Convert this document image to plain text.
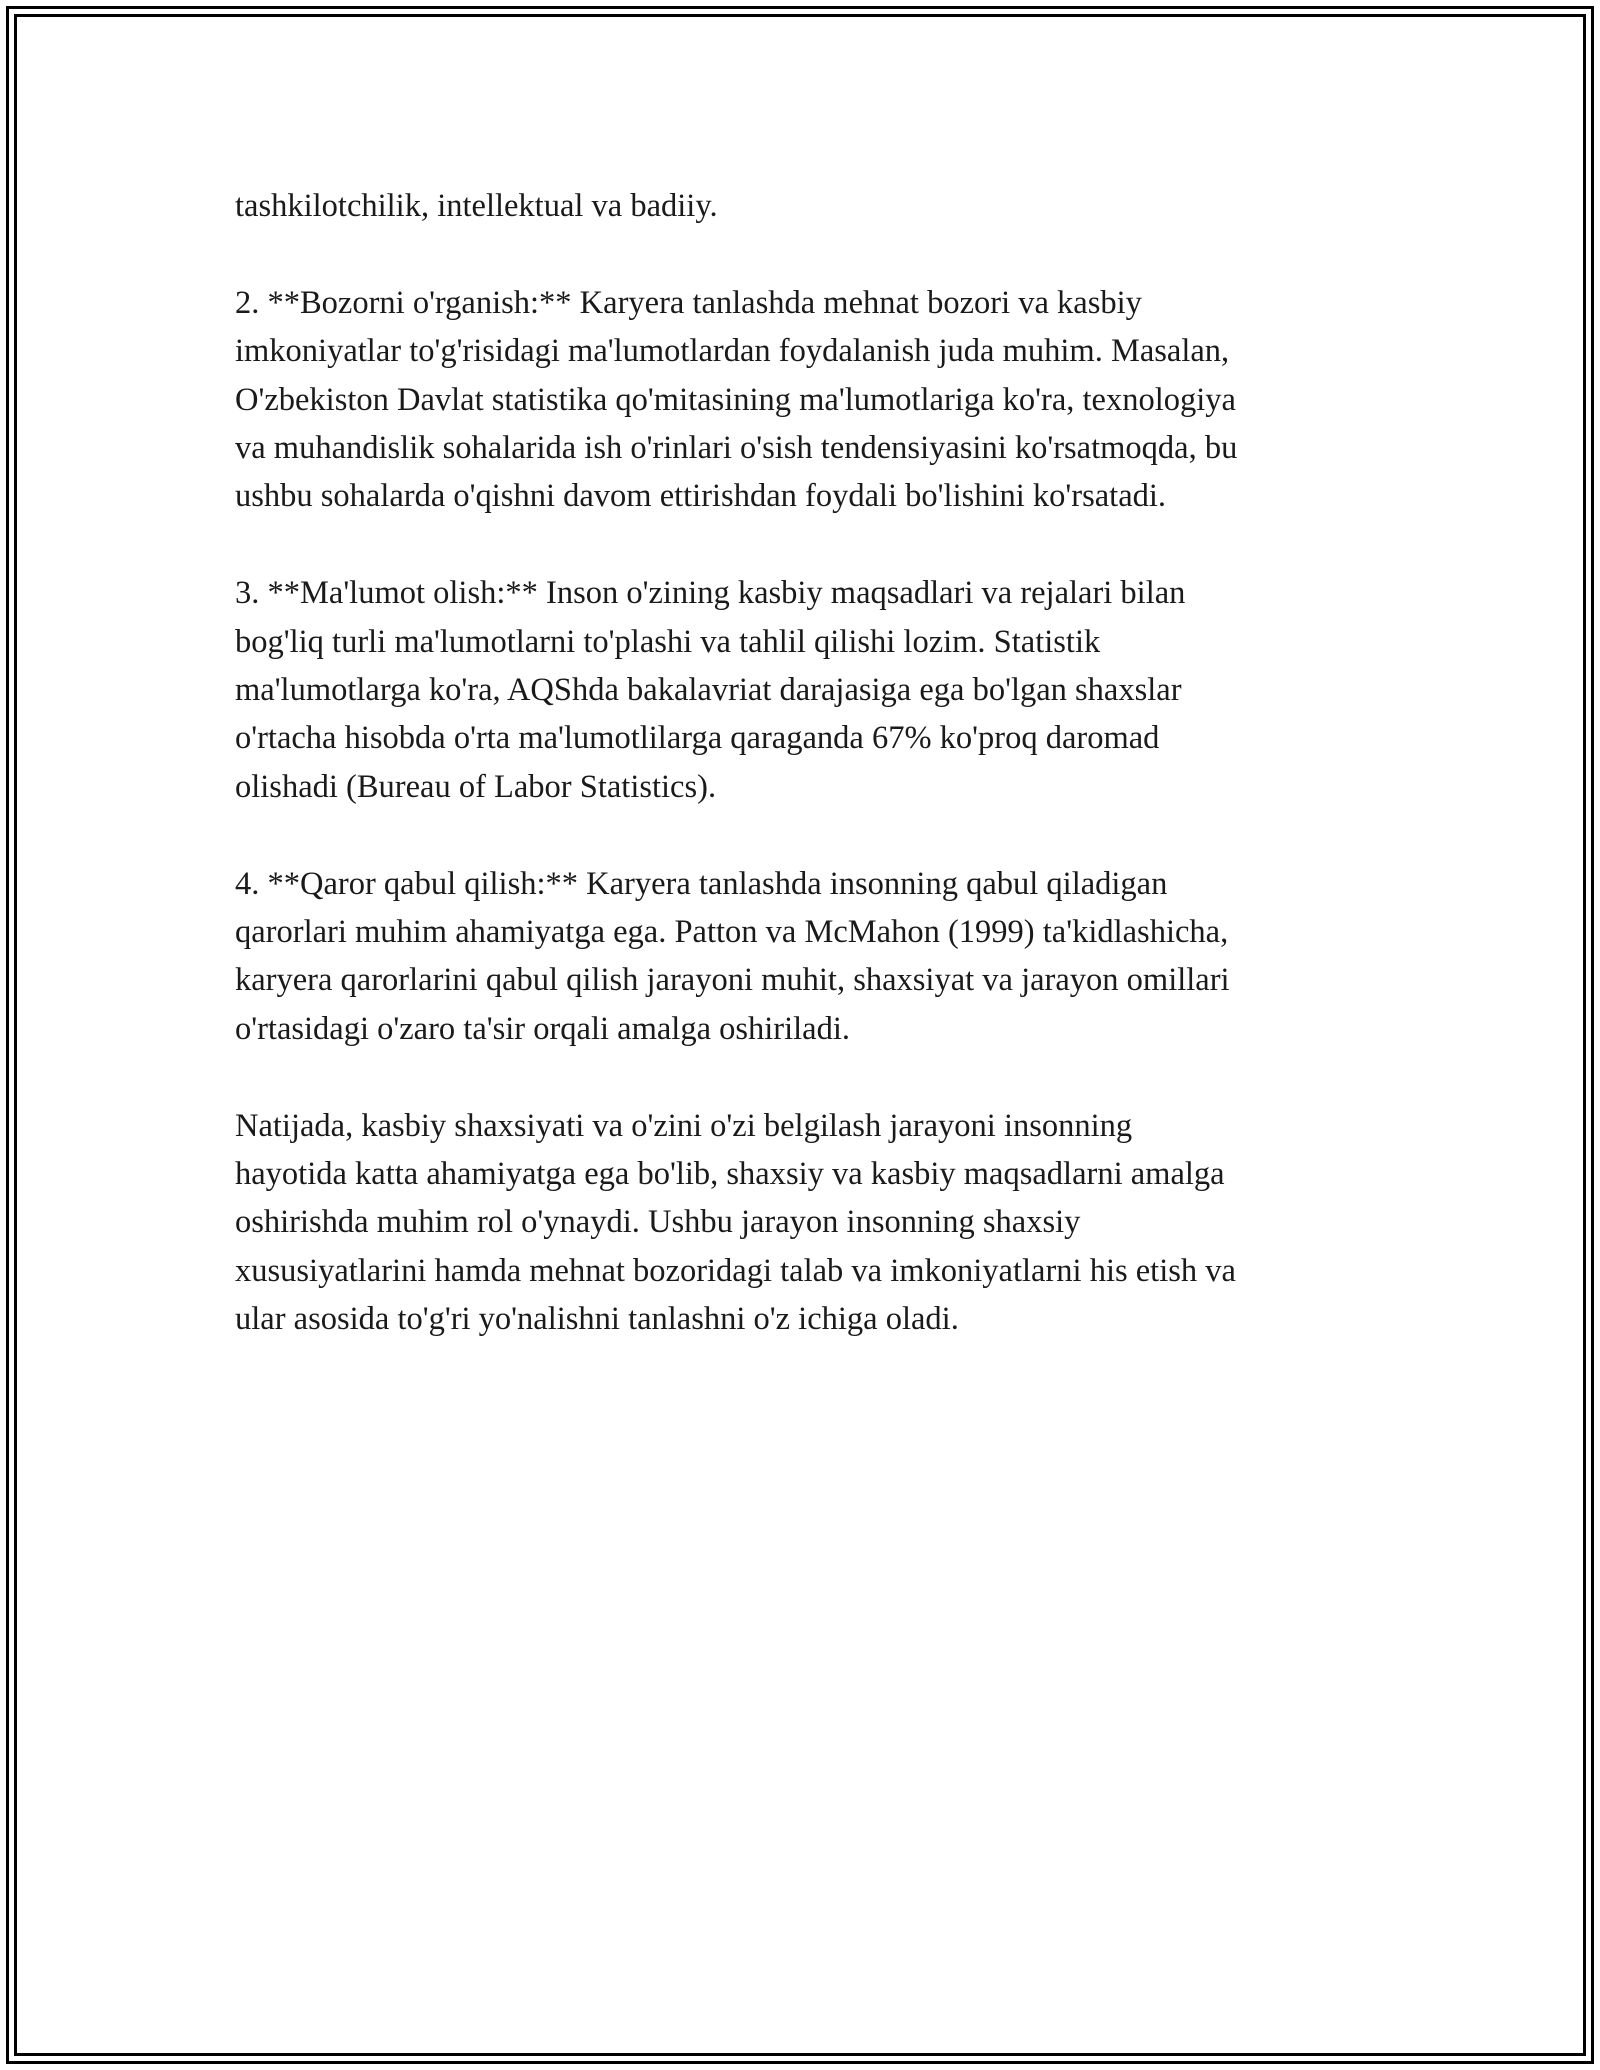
tashkilotchilik, intellektual va badiiy.

2. **Bozorni o'rganish:** Karyera tanlashda mehnat bozori va kasbiy
imkoniyatlar to'g'risidagi ma'lumotlardan foydalanish juda muhim. Masalan,
O'zbekiston Davlat statistika qo'mitasining ma'lumotlariga ko'ra, texnologiya
va muhandislik sohalarida ish o'rinlari o'sish tendensiyasini ko'rsatmoqda, bu
ushbu sohalarda o'qishni davom ettirishdan foydali bo'lishini ko'rsatadi.

3. **Ma'lumot olish:** Inson o'zining kasbiy maqsadlari va rejalari bilan
bog'liq turli ma'lumotlarni to'plashi va tahlil qilishi lozim. Statistik
ma'lumotlarga ko'ra, AQShda bakalavriat darajasiga ega bo'lgan shaxslar
o'rtacha hisobda o'rta ma'lumotlilarga qaraganda 67% ko'proq daromad
olishadi (Bureau of Labor Statistics).

4. **Qaror qabul qilish:** Karyera tanlashda insonning qabul qiladigan
qarorlari muhim ahamiyatga ega. Patton va McMahon (1999) ta'kidlashicha,
karyera qarorlarini qabul qilish jarayoni muhit, shaxsiyat va jarayon omillari
o'rtasidagi o'zaro ta'sir orqali amalga oshiriladi.

Natijada, kasbiy shaxsiyati va o'zini o'zi belgilash jarayoni insonning
hayotida katta ahamiyatga ega bo'lib, shaxsiy va kasbiy maqsadlarni amalga
oshirishda muhim rol o'ynaydi. Ushbu jarayon insonning shaxsiy
xususiyatlarini hamda mehnat bozoridagi talab va imkoniyatlarni his etish va
ular asosida to'g'ri yo'nalishni tanlashni o'z ichiga oladi.
